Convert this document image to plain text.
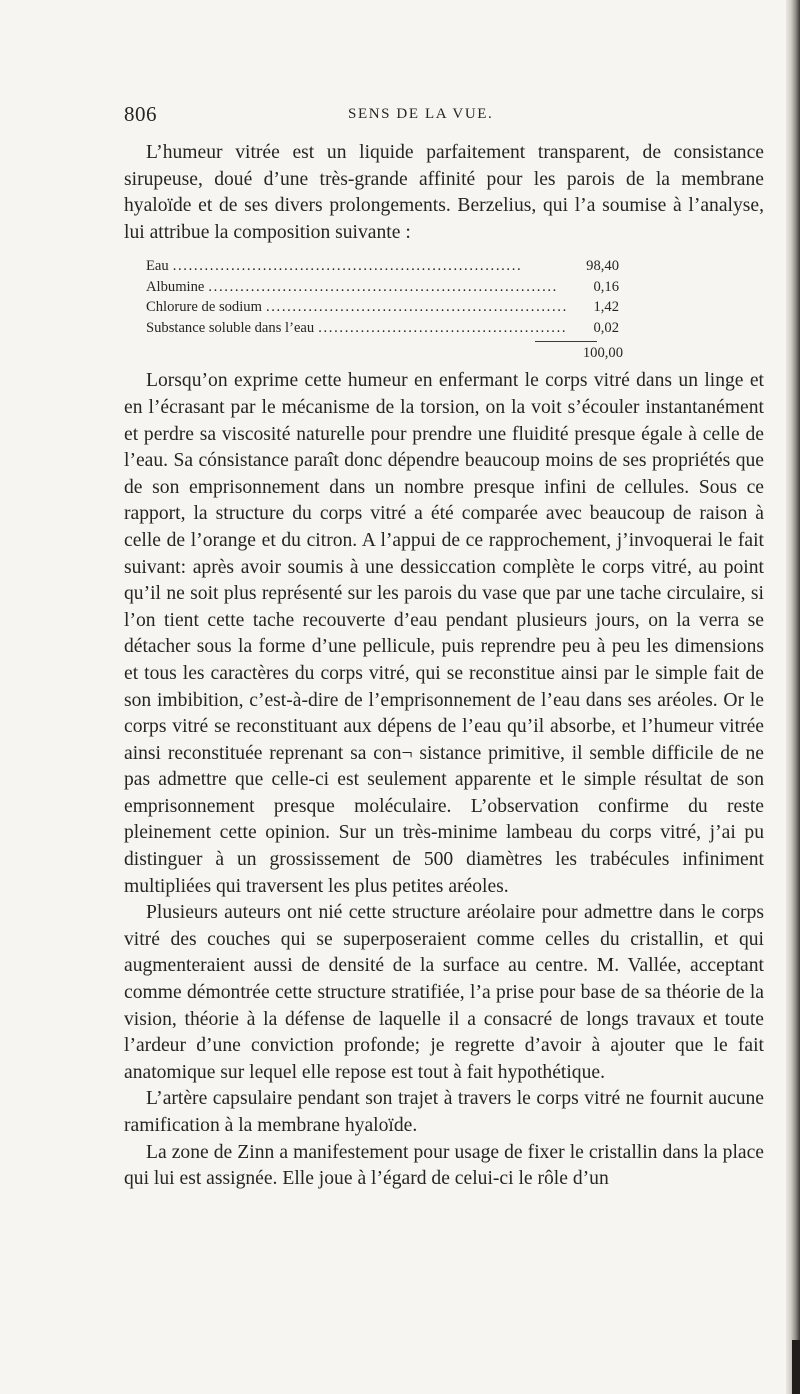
806	SENS DE LA VUE.

L’humeur vitrée est un liquide parfaitement transparent, de consistance sirupeuse, doué d’une très-grande affinité pour les parois de la membrane hyaloïde et de ses divers prolongements. Berzelius, qui l’a soumise à l’analyse, lui attribue la composition suivante :

Eau . . .	98,40
Albumine . . .	0,16
Chlorure de sodium . . .	1,42
Substance soluble dans l’eau . . .	0,02
100,00

Lorsqu’on exprime cette humeur en enfermant le corps vitré dans un linge et en l’écrasant par le mécanisme de la torsion, on la voit s’écouler instantanément et perdre sa viscosité naturelle pour prendre une fluidité presque égale à celle de l’eau. Sa cónsistance paraît donc dépendre beaucoup moins de ses propriétés que de son emprisonnement dans un nombre presque infini de cellules. Sous ce rapport, la structure du corps vitré a été comparée avec beaucoup de raison à celle de l’orange et du citron. A l’appui de ce rapprochement, j’invoquerai le fait suivant: après avoir soumis à une dessiccation complète le corps vitré, au point qu’il ne soit plus représenté sur les parois du vase que par une tache circulaire, si l’on tient cette tache recouverte d’eau pendant plusieurs jours, on la verra se détacher sous la forme d’une pellicule, puis reprendre peu à peu les dimensions et tous les caractères du corps vitré, qui se reconstitue ainsi par le simple fait de son imbibition, c’est-à-dire de l’emprisonnement de l’eau dans ses aréoles. Or le corps vitré se reconstituant aux dépens de l’eau qu’il absorbe, et l’humeur vitrée ainsi reconstituée reprenant sa con¬ sistance primitive, il semble difficile de ne pas admettre que celle-ci est seulement apparente et le simple résultat de son emprisonnement presque moléculaire. L’observation confirme du reste pleinement cette opinion. Sur un très-minime lambeau du corps vitré, j’ai pu distinguer à un grossissement de 500 diamètres les trabécules infiniment multipliées qui traversent les plus petites aréoles.

Plusieurs auteurs ont nié cette structure aréolaire pour admettre dans le corps vitré des couches qui se superposeraient comme celles du cristallin, et qui augmenteraient aussi de densité de la surface au centre. M. Vallée, acceptant comme démontrée cette structure stratifiée, l’a prise pour base de sa théorie de la vision, théorie à la défense de laquelle il a consacré de longs travaux et toute l’ardeur d’une conviction profonde; je regrette d’avoir à ajouter que le fait anatomique sur lequel elle repose est tout à fait hypothétique.

L’artère capsulaire pendant son trajet à travers le corps vitré ne fournit aucune ramification à la membrane hyaloïde.

La zone de Zinn a manifestement pour usage de fixer le cristallin dans la place qui lui est assignée. Elle joue à l’égard de celui-ci le rôle d’un
